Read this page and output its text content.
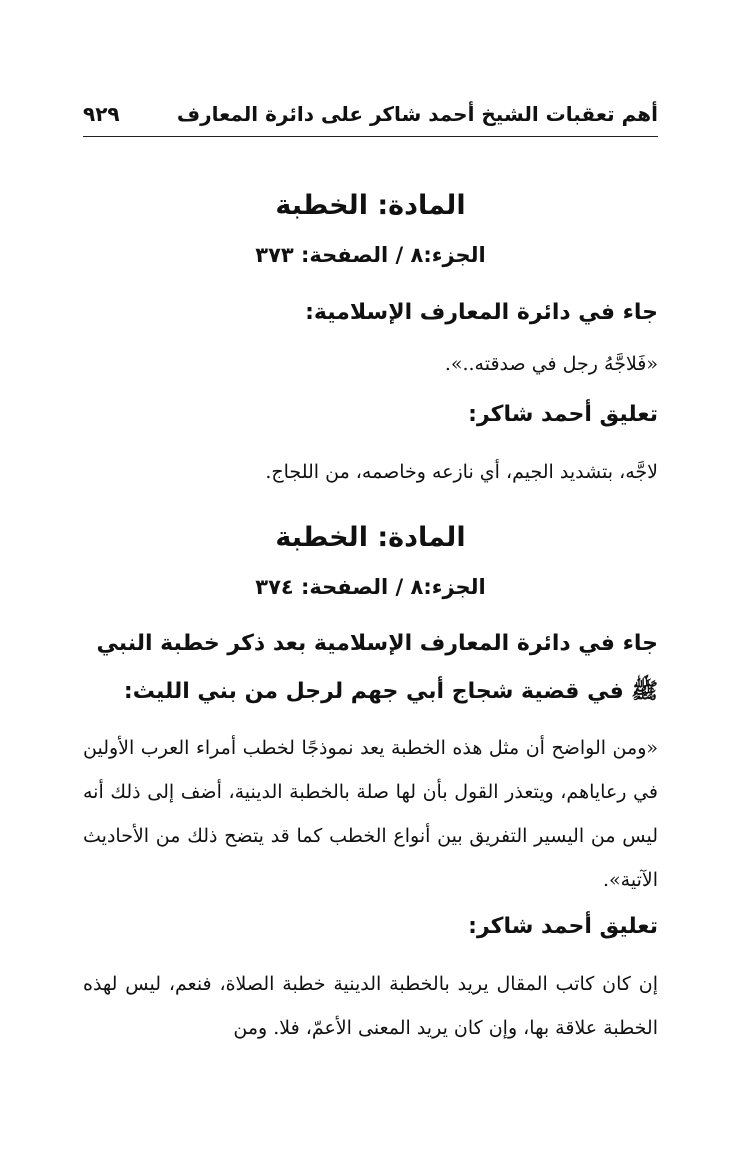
أهم تعقبات الشيخ أحمد شاكر على دائرة المعارف
٩٢٩

المادة: الخطبة

الجزء:٨ / الصفحة: ٣٧٣

جاء في دائرة المعارف الإسلامية:

«فَلاجَّهُ رجل في صدقته..».

تعليق أحمد شاكر:

لاجَّه، بتشديد الجيم، أي نازعه وخاصمه، من اللجاج.

المادة: الخطبة

الجزء:٨ / الصفحة: ٣٧٤

جاء في دائرة المعارف الإسلامية بعد ذكر خطبة النبي ﷺ في قضية شجاج أبي جهم لرجل من بني الليث:

«ومن الواضح أن مثل هذه الخطبة يعد نموذجًا لخطب أمراء العرب الأولين في رعاياهم، ويتعذر القول بأن لها صلة بالخطبة الدينية، أضف إلى ذلك أنه ليس من اليسير التفريق بين أنواع الخطب كما قد يتضح ذلك من الأحاديث الآتية».

تعليق أحمد شاكر:

إن كان كاتب المقال يريد بالخطبة الدينية خطبة الصلاة، فنعم، ليس لهذه الخطبة علاقة بها، وإن كان يريد المعنى الأعمّ، فلا. ومن
